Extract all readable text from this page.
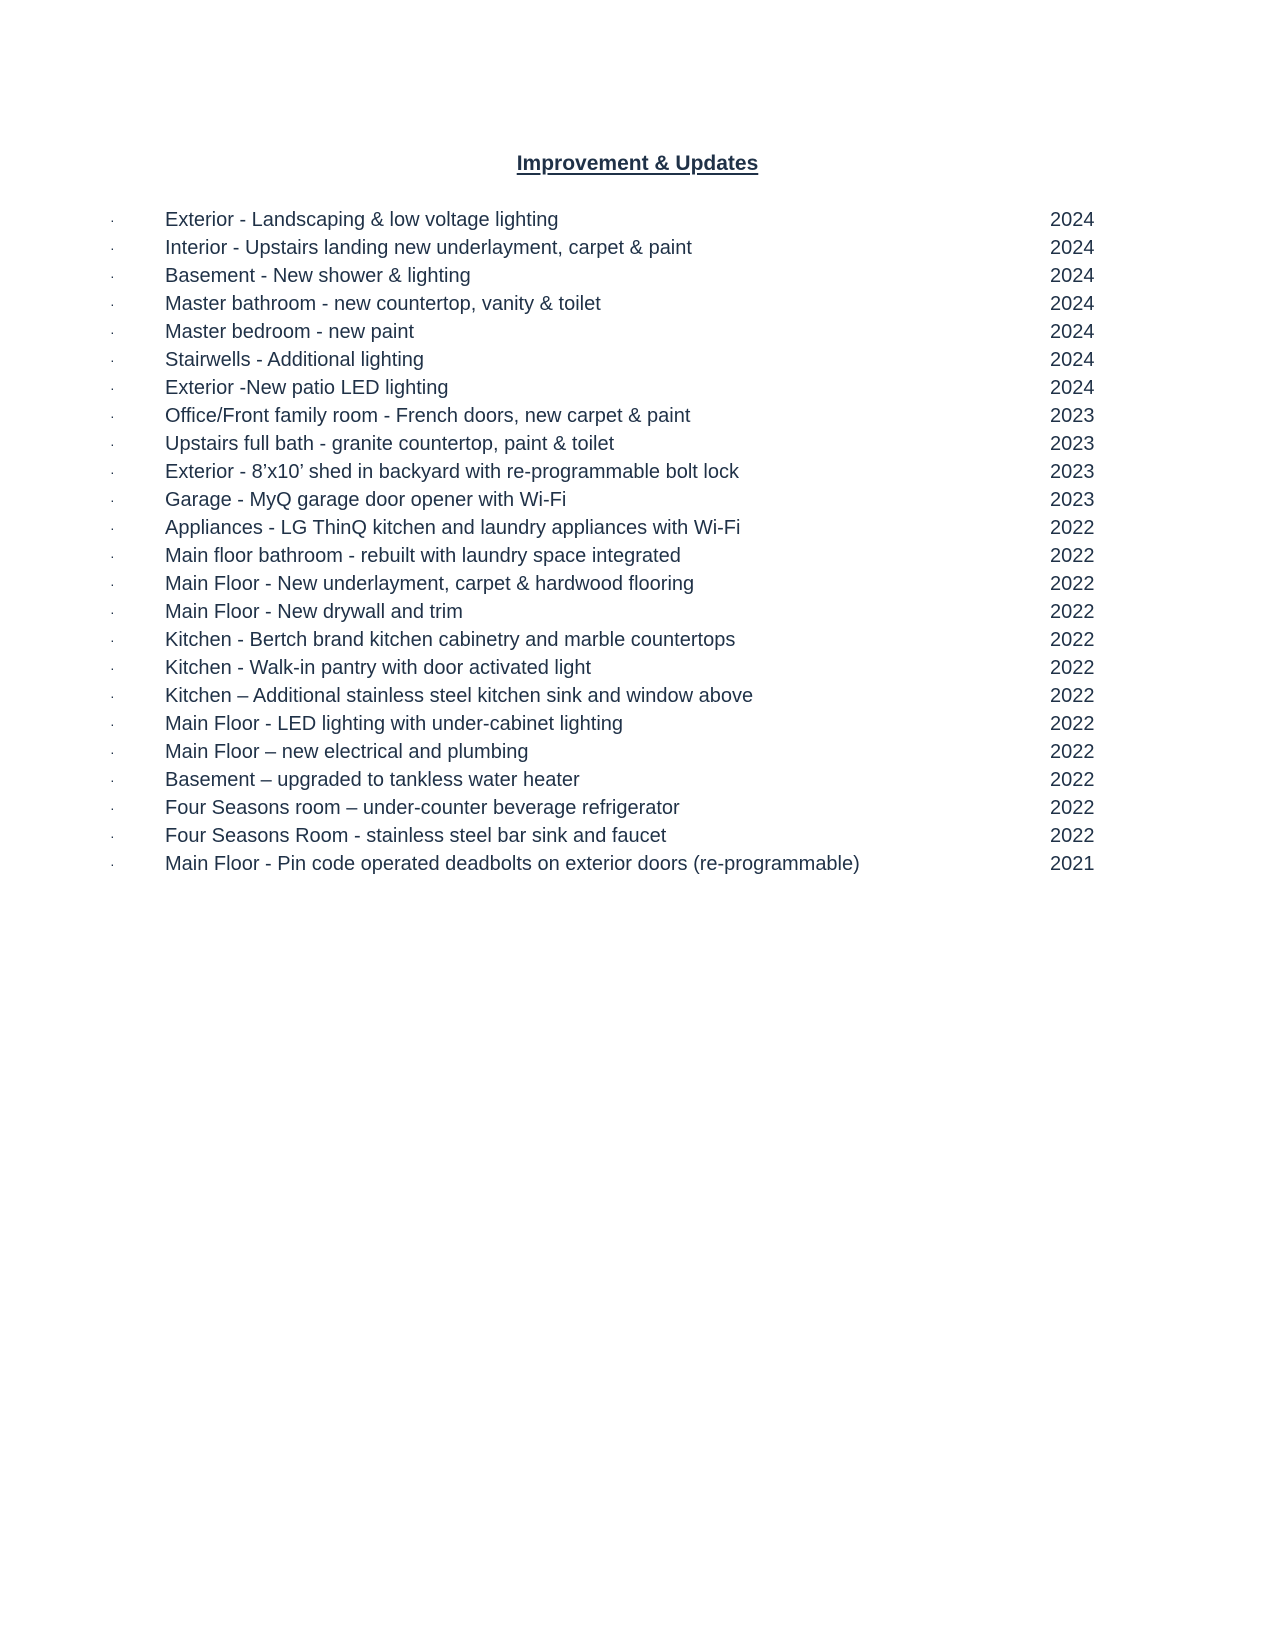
Improvement & Updates
·	Exterior - Landscaping & low voltage lighting	2024
·	Interior - Upstairs landing new underlayment, carpet & paint	2024
·	Basement - New shower & lighting	2024
·	Master bathroom - new countertop, vanity & toilet	2024
·	Master bedroom - new paint	2024
·	Stairwells - Additional lighting	2024
·	Exterior -New patio LED lighting	2024
·	Office/Front family room - French doors, new carpet & paint	2023
·	Upstairs full bath - granite countertop, paint & toilet	2023
·	Exterior - 8’x10’ shed in backyard with re-programmable bolt lock	2023
·	Garage - MyQ garage door opener with Wi-Fi	2023
·	Appliances - LG ThinQ kitchen and laundry appliances with Wi-Fi	2022
·	Main floor bathroom - rebuilt with laundry space integrated	2022
·	Main Floor - New underlayment, carpet & hardwood flooring	2022
·	Main Floor - New drywall and trim	2022
·	Kitchen - Bertch brand kitchen cabinetry and marble countertops	2022
·	Kitchen - Walk-in pantry with door activated light	2022
·	Kitchen – Additional stainless steel kitchen sink and window above	2022
·	Main Floor - LED lighting with under-cabinet lighting	2022
·	Main Floor – new electrical and plumbing	2022
·	Basement – upgraded to tankless water heater	2022
·	Four Seasons room – under-counter beverage refrigerator	2022
·	Four Seasons Room - stainless steel bar sink and faucet	2022
·	Main Floor - Pin code operated deadbolts on exterior doors (re-programmable)	2021
